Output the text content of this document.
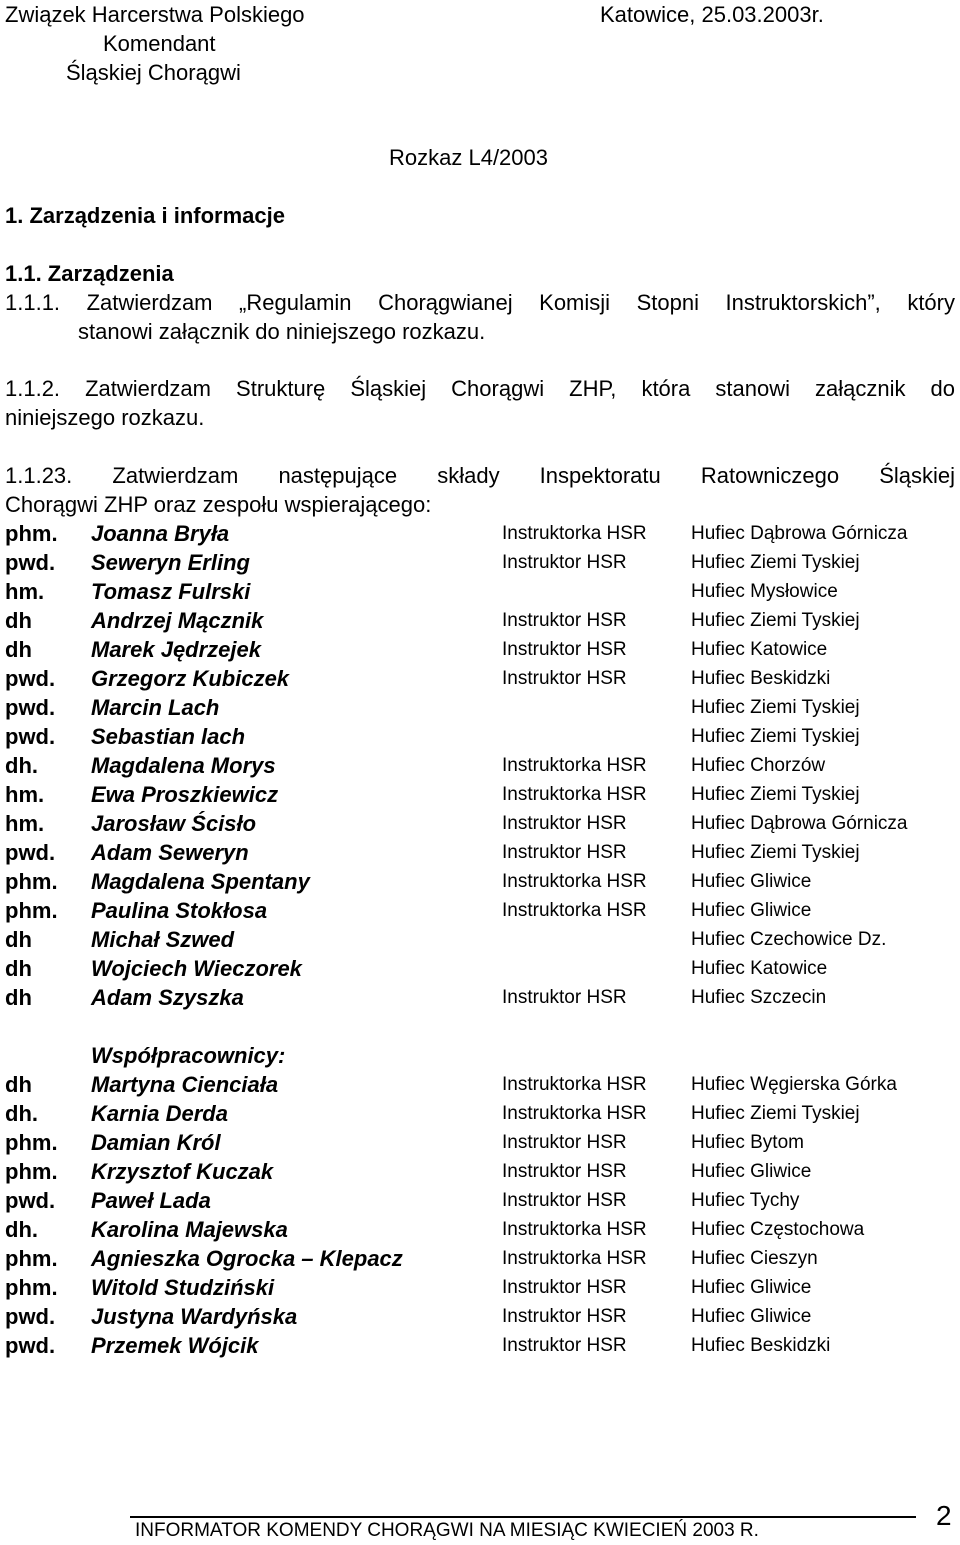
Związek Harcerstwa Polskiego
Komendant
Śląskiej Chorągwi
Katowice, 25.03.2003r.
Rozkaz L4/2003
1. Zarządzenia i informacje
1.1. Zarządzenia
1.1.1. Zatwierdzam „Regulamin Chorągwianej Komisji Stopni Instruktorskich”, który
stanowi załącznik do niniejszego rozkazu.
1.1.2. Zatwierdzam Strukturę Śląskiej Chorągwi ZHP, która stanowi załącznik do
niniejszego rozkazu.
1.1.23. Zatwierdzam następujące składy Inspektoratu Ratowniczego Śląskiej
Chorągwi ZHP oraz zespołu wspierającego:
phm. Joanna Bryła	Instruktorka HSR Hufiec Dąbrowa Górnicza
pwd. Seweryn Erling	Instruktor HSR	Hufiec Ziemi Tyskiej
hm. Tomasz Fulrski	Hufiec Mysłowice
dh	Andrzej Mącznik	Instruktor HSR	Hufiec Ziemi Tyskiej
dh	Marek Jędrzejek	Instruktor HSR	Hufiec Katowice
pwd. Grzegorz Kubiczek	Instruktor HSR	Hufiec Beskidzki
pwd. Marcin Lach	Hufiec Ziemi Tyskiej
pwd. Sebastian lach	Hufiec Ziemi Tyskiej
dh. Magdalena Morys	Instruktorka HSR Hufiec Chorzów
hm. Ewa Proszkiewicz	Instruktorka HSR Hufiec Ziemi Tyskiej
hm. Jarosław Ścisło	Instruktor HSR	Hufiec Dąbrowa Górnicza
pwd. Adam Seweryn	Instruktor HSR	Hufiec Ziemi Tyskiej
phm. Magdalena Spentany	Instruktorka HSR Hufiec Gliwice
phm. Paulina Stokłosa	Instruktorka HSR Hufiec Gliwice
dh	Michał Szwed	Hufiec Czechowice Dz.
dh	Wojciech Wieczorek	Hufiec Katowice
dh	Adam Szyszka	Instruktor HSR	Hufiec Szczecin
Współpracownicy:
dh	Martyna Cienciała	Instruktorka HSR Hufiec Węgierska Górka
dh. Karnia Derda	Instruktorka HSR Hufiec Ziemi Tyskiej
phm. Damian Król	Instruktor HSR	Hufiec Bytom
phm. Krzysztof Kuczak	Instruktor HSR	Hufiec Gliwice
pwd. Paweł Lada	Instruktor HSR	Hufiec Tychy
dh. Karolina Majewska	Instruktorka HSR Hufiec Częstochowa
phm. Agnieszka Ogrocka – Klepacz	Instruktorka HSR Hufiec Cieszyn
phm. Witold Studziński	Instruktor HSR	Hufiec Gliwice
pwd. Justyna Wardyńska	Instruktor HSR	Hufiec Gliwice
pwd. Przemek Wójcik	Instruktor HSR	Hufiec Beskidzki
INFORMATOR KOMENDY CHORĄGWI NA MIESIĄC KWIECIEŃ 2003 R.	2
